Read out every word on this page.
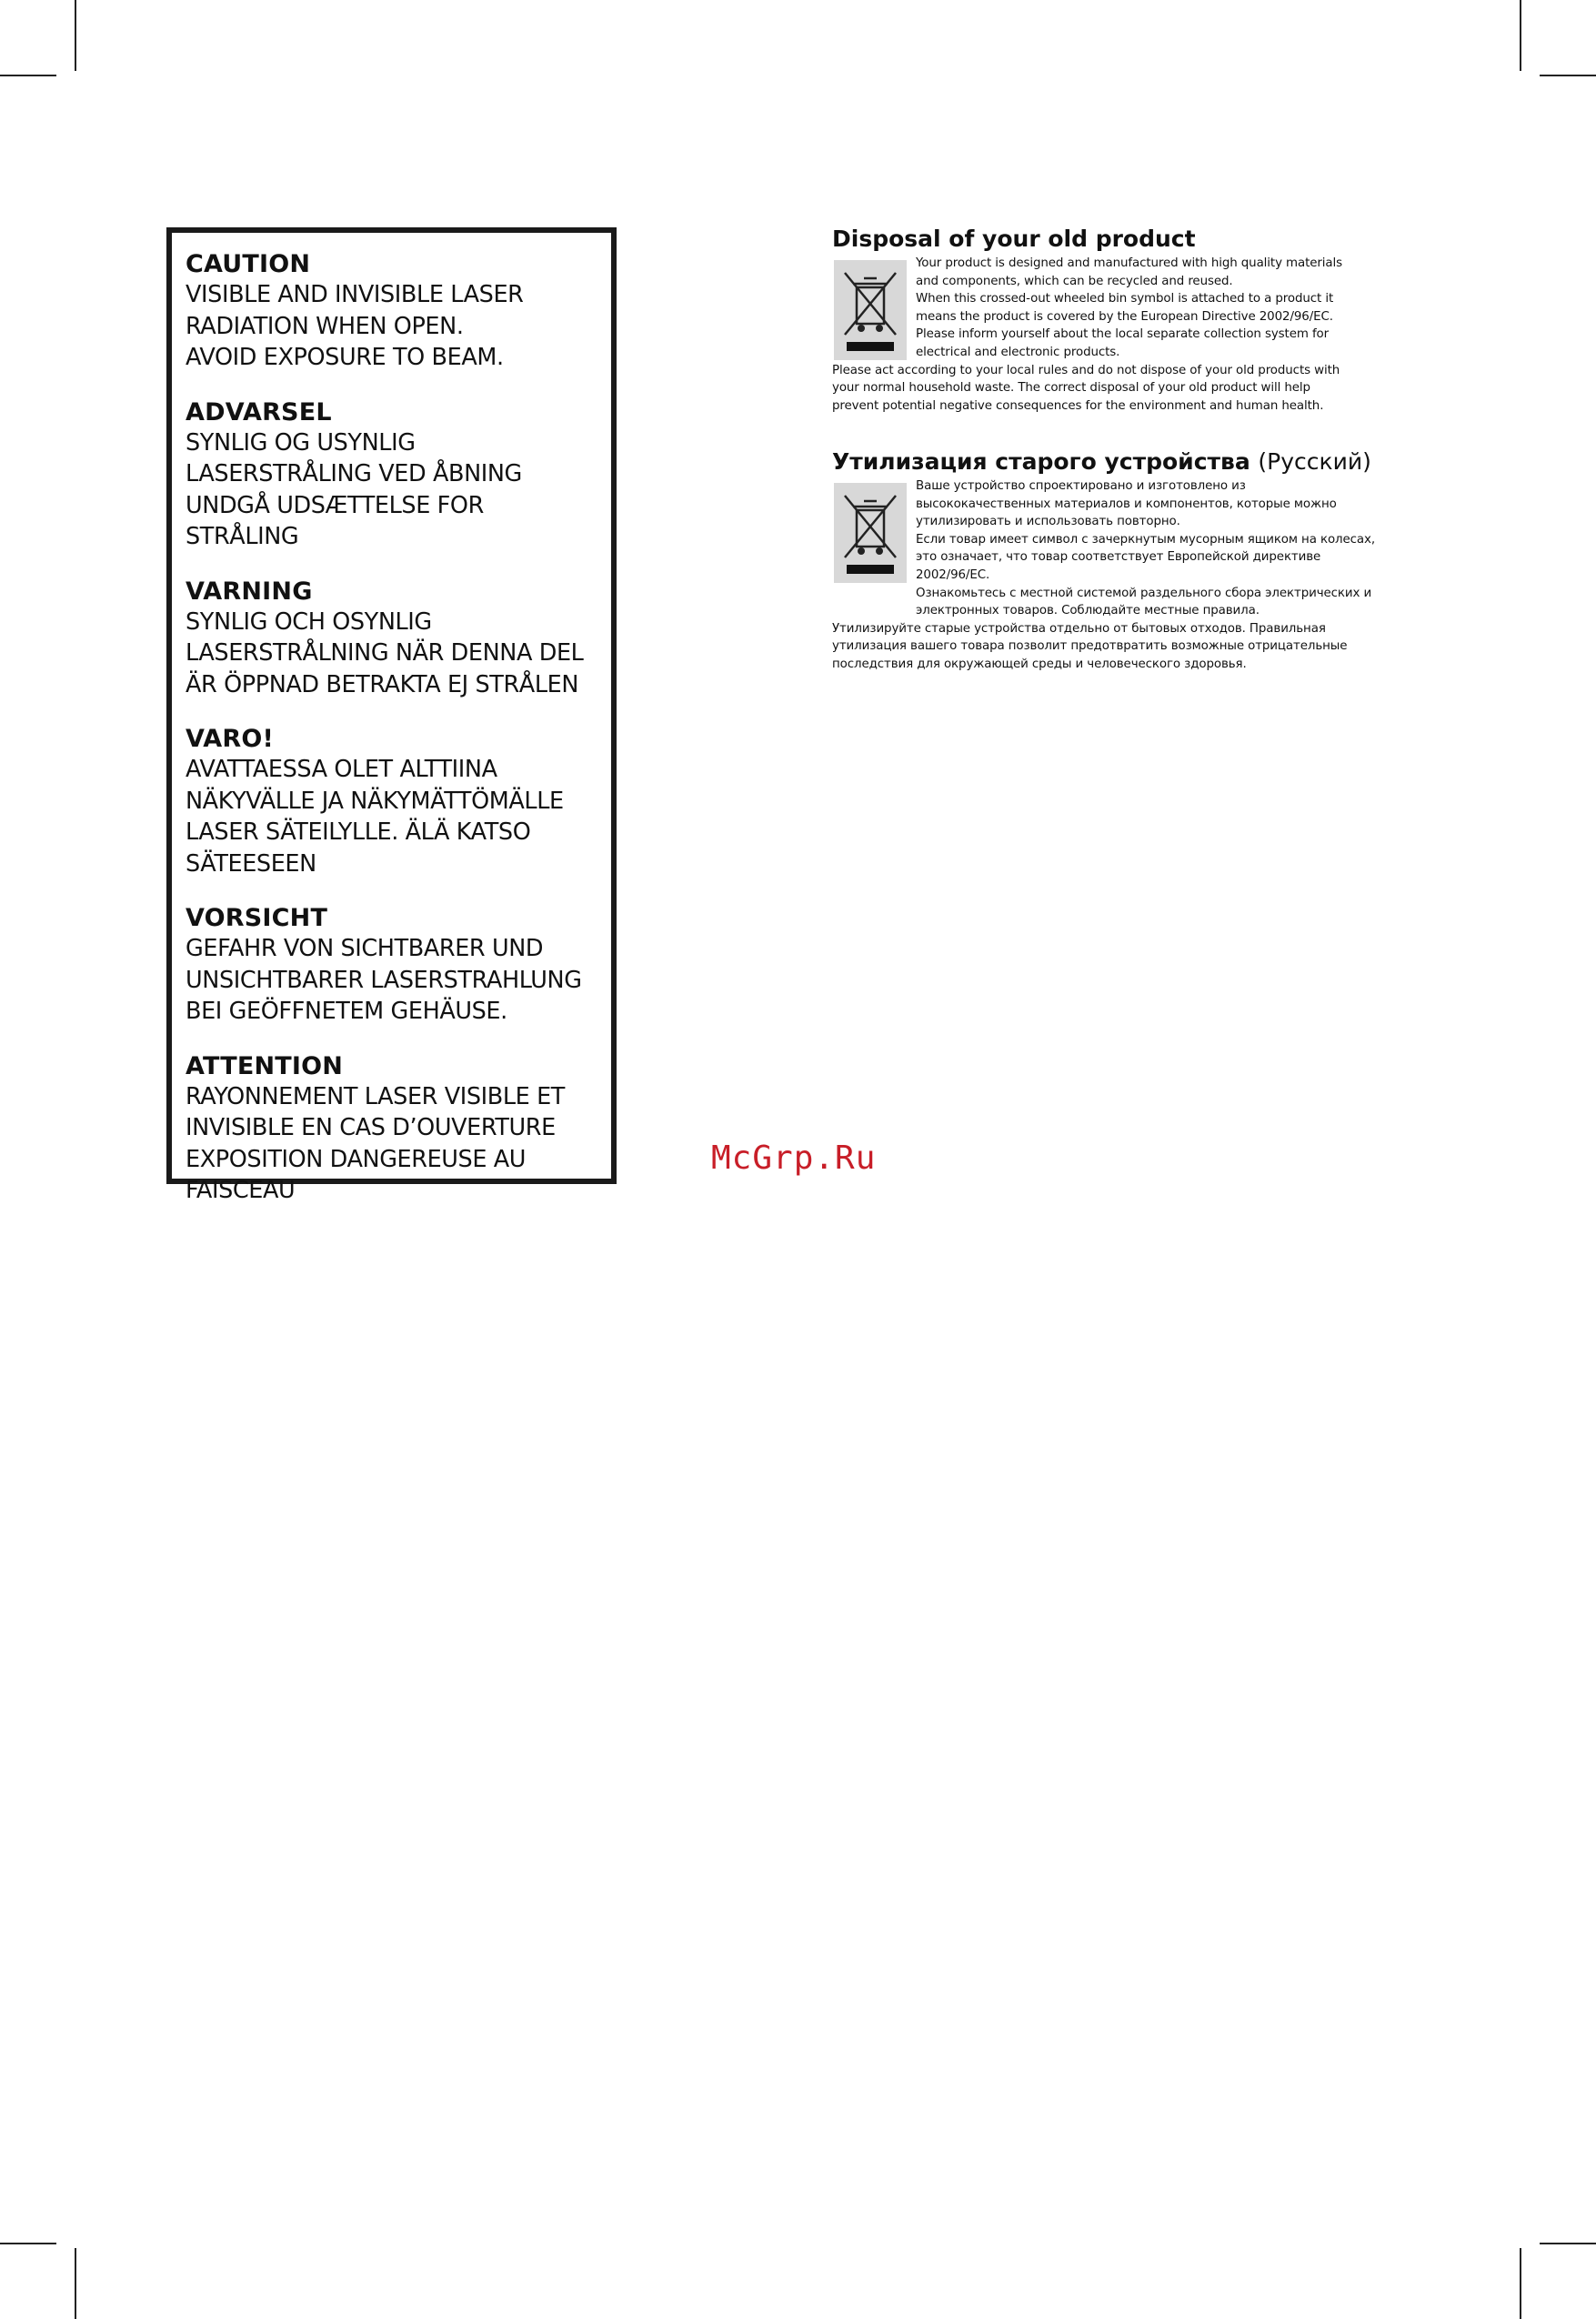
CAUTION
VISIBLE AND INVISIBLE LASER
RADIATION WHEN OPEN.
AVOID EXPOSURE TO BEAM.
ADVARSEL
SYNLIG OG USYNLIG
LASERSTRÅLING VED ÅBNING
UNDGÅ UDSÆTTELSE FOR
STRÅLING
VARNING
SYNLIG OCH OSYNLIG
LASERSTRÅLNING NÄR DENNA DEL
ÄR ÖPPNAD BETRAKTA EJ STRÅLEN
VARO!
AVATTAESSA OLET ALTTIINA
NÄKYVÄLLE JA NÄKYMÄTTÖMÄLLE
LASER SÄTEILYLLE. ÄLÄ KATSO
SÄTEESEEN
VORSICHT
GEFAHR VON SICHTBARER UND
UNSICHTBARER LASERSTRAHLUNG
BEI GEÖFFNETEM GEHÄUSE.
ATTENTION
RAYONNEMENT LASER VISIBLE ET
INVISIBLE EN CAS D’OUVERTURE
EXPOSITION DANGEREUSE AU
FAISCEAU
Disposal of your old product
Your product is designed and manufactured with high quality materials
and components, which can be recycled and reused.
When this crossed-out wheeled bin symbol is attached to a product it
means the product is covered by the European Directive 2002/96/EC.
Please inform yourself about the local separate collection system for
electrical and electronic products.
Please act according to your local rules and do not dispose of your old products with
your normal household waste. The correct disposal of your old product will help
prevent potential negative consequences for the environment and human health.
Утилизация старого устройства (Русский)
Ваше устройство спроектировано и изготовлено из
высококачественных материалов и компонентов, которые можно
утилизировать и использовать повторно.
Если товар имеет символ с зачеркнутым мусорным ящиком на колесах,
это означает, что товар соответствует Европейской директиве
2002/96/EC.
Ознакомьтесь с местной системой раздельного сбора электрических и
электронных товаров. Соблюдайте местные правила.
Утилизируйте старые устройства отдельно от бытовых отходов. Правильная
утилизация вашего товара позволит предотвратить возможные отрицательные
последствия для окружающей среды и человеческого здоровья.
McGrp.Ru
